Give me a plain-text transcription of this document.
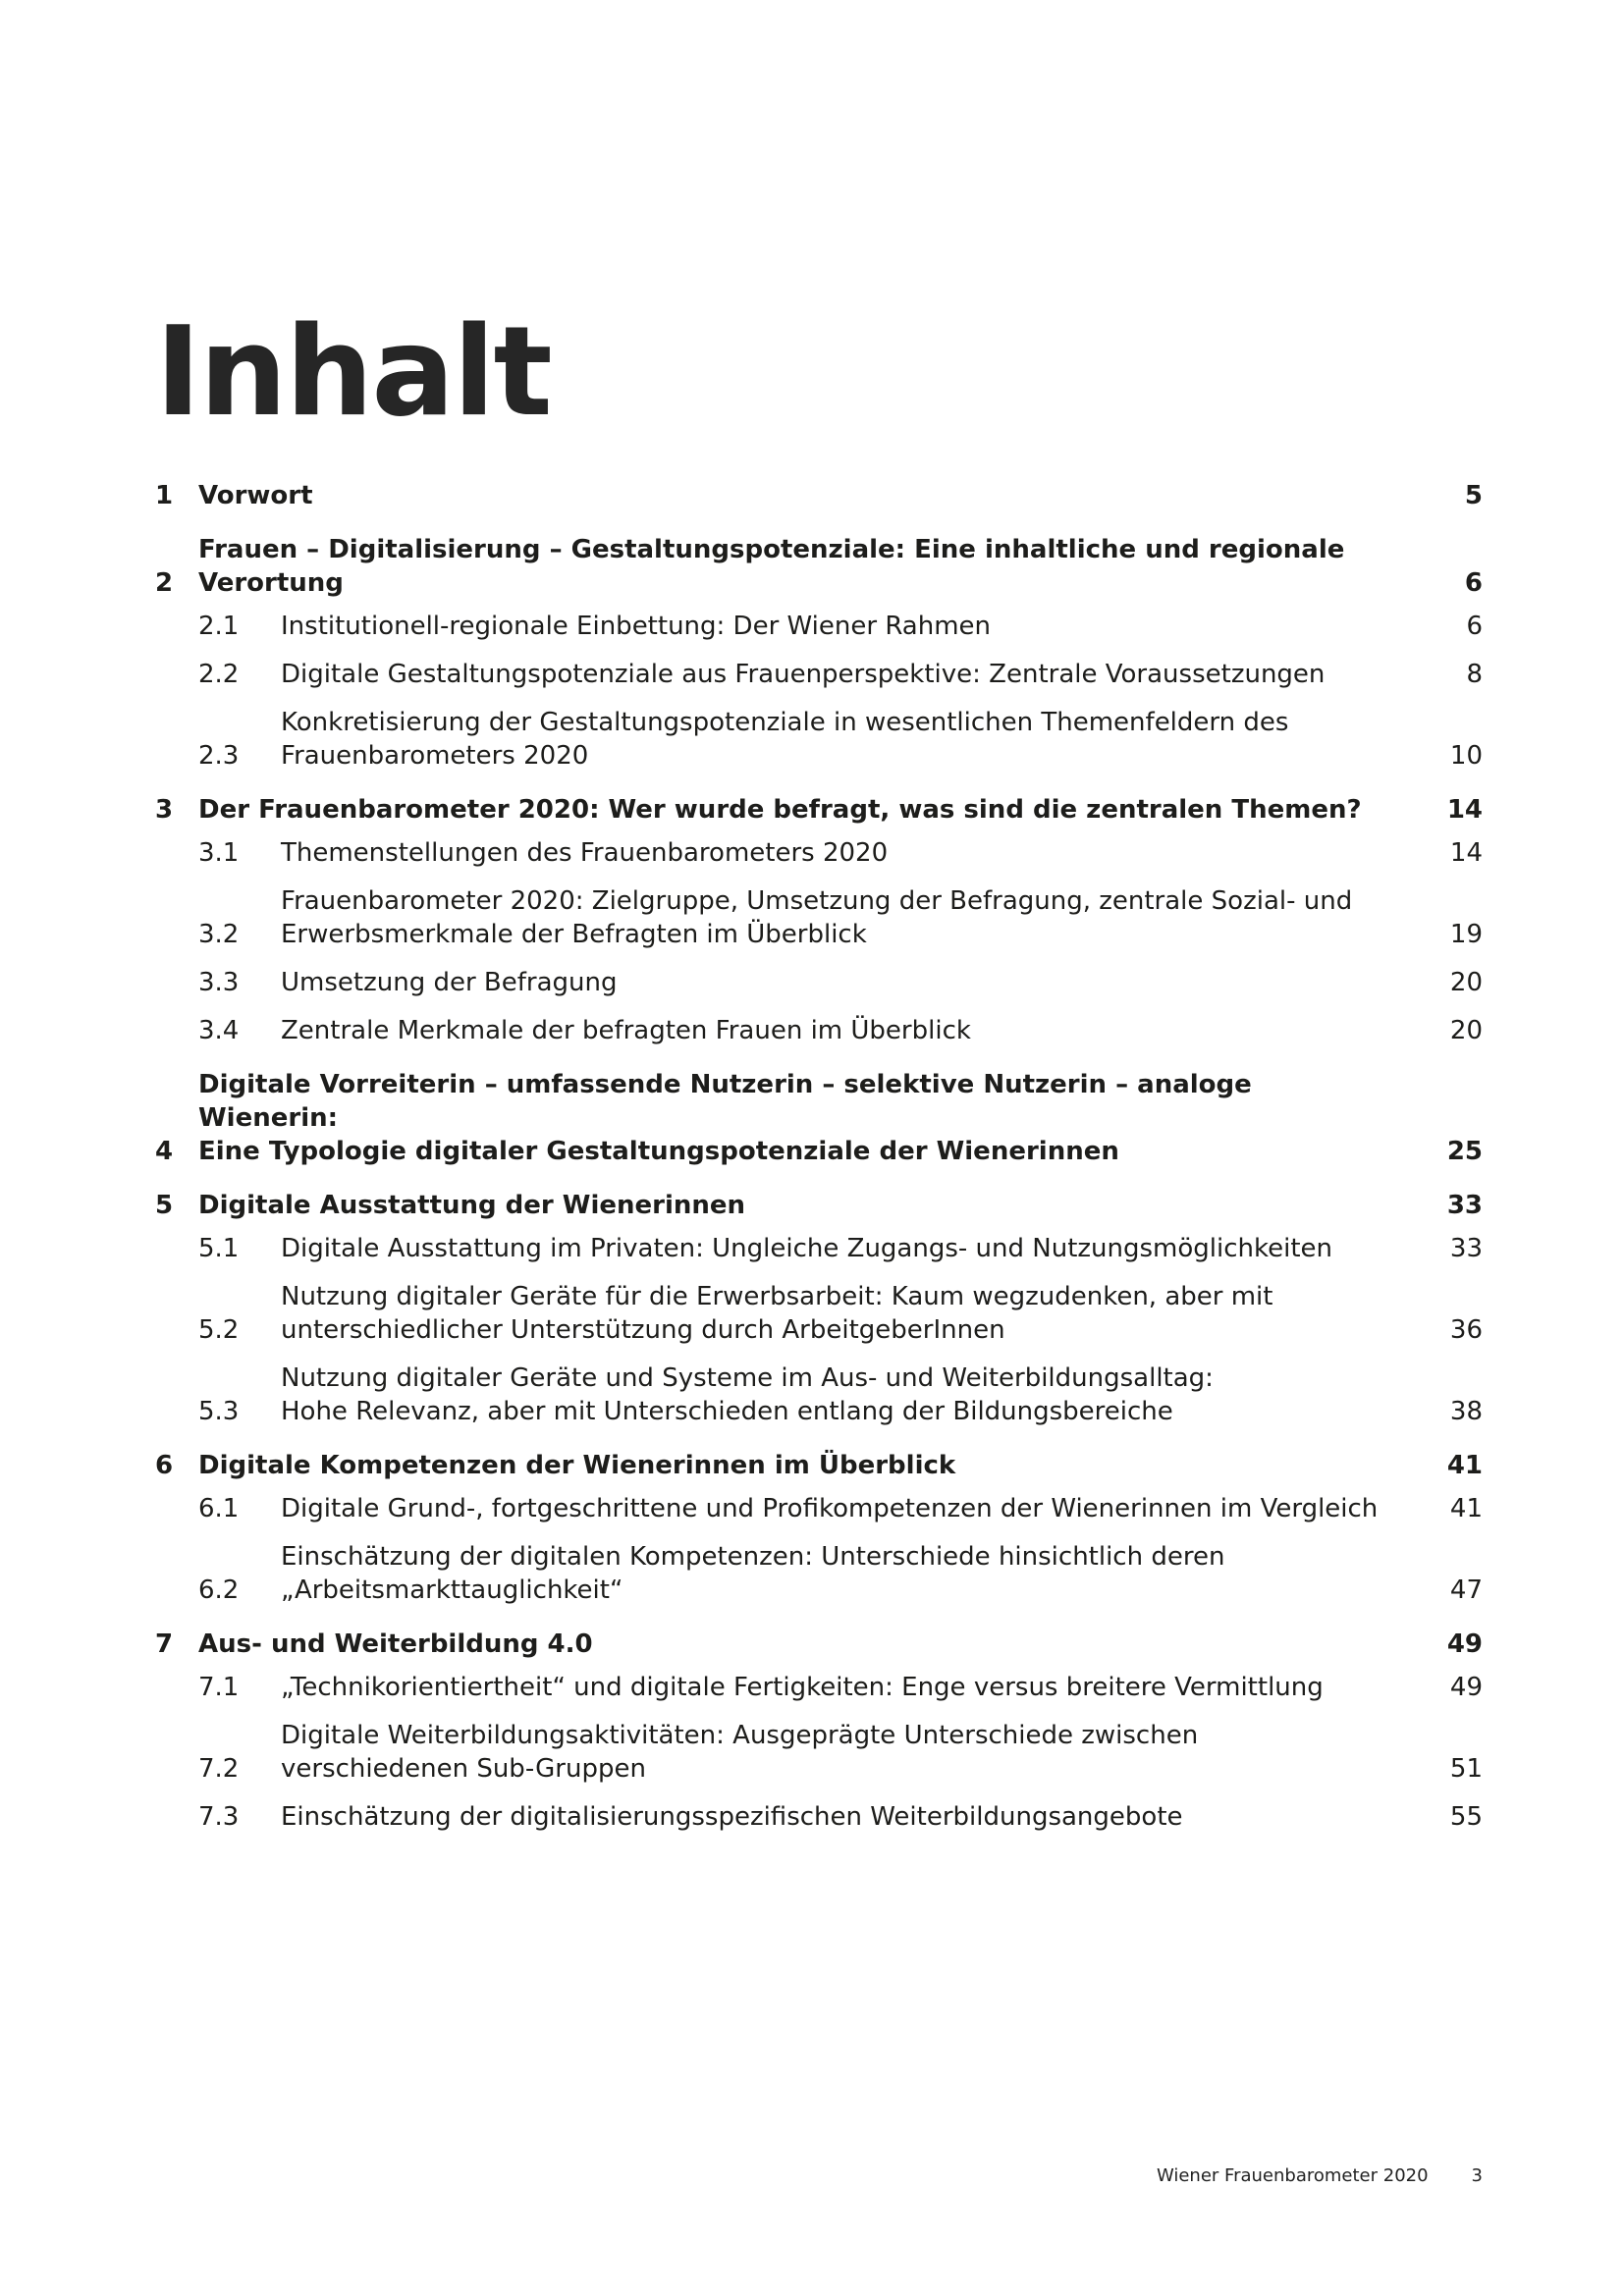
Inhalt
1 Vorwort	5
2
Frauen – Digitalisierung – Gestaltungspotenziale: Eine inhaltliche und regionale Verortung	6
2.1	Institutionell-regionale Einbettung: Der Wiener Rahmen	6
2.2	Digitale Gestaltungspotenziale aus Frauenperspektive: Zentrale Voraussetzungen	8
2.3
Konkretisierung der Gestaltungspotenziale in wesentlichen Themenfeldern des
Frauenbarometers 2020	10
3 Der Frauenbarometer 2020: Wer wurde befragt, was sind die zentralen Themen?	14
3.1	Themenstellungen des Frauenbarometers 2020	14
3.2
Frauenbarometer 2020: Zielgruppe, Umsetzung der Befragung, zentrale Sozial- und
Erwerbsmerkmale der Befragten im Überblick	19
3.3	Umsetzung der Befragung	20
3.4	Zentrale Merkmale der befragten Frauen im Überblick	20
4
Digitale Vorreiterin – umfassende Nutzerin – selektive Nutzerin – analoge Wienerin:
Eine Typologie digitaler Gestaltungspotenziale der Wienerinnen	25
5 Digitale Ausstattung der Wienerinnen	33
5.1	Digitale Ausstattung im Privaten: Ungleiche Zugangs- und Nutzungsmöglichkeiten	33
5.2
Nutzung digitaler Geräte für die Erwerbsarbeit: Kaum wegzudenken, aber mit
unterschiedlicher Unterstützung durch ArbeitgeberInnen	36
5.3
Nutzung digitaler Geräte und Systeme im Aus- und Weiterbildungsalltag:
Hohe Relevanz, aber mit Unterschieden entlang der Bildungsbereiche	38
6 Digitale Kompetenzen der Wienerinnen im Überblick	41
6.1	Digitale Grund-, fortgeschrittene und Profikompetenzen der Wienerinnen im Vergleich	41
6.2
Einschätzung der digitalen Kompetenzen: Unterschiede hinsichtlich deren
„Arbeitsmarkttauglichkeit“	47
7 Aus- und Weiterbildung 4.0	49
7.1	„Technikorientiertheit“ und digitale Fertigkeiten: Enge versus breitere Vermittlung	49
7.2
Digitale Weiterbildungsaktivitäten: Ausgeprägte Unterschiede zwischen
verschiedenen Sub-Gruppen	51
7.3	Einschätzung der digitalisierungsspezifischen Weiterbildungsangebote	55
Wiener Frauenbarometer 2020 3
